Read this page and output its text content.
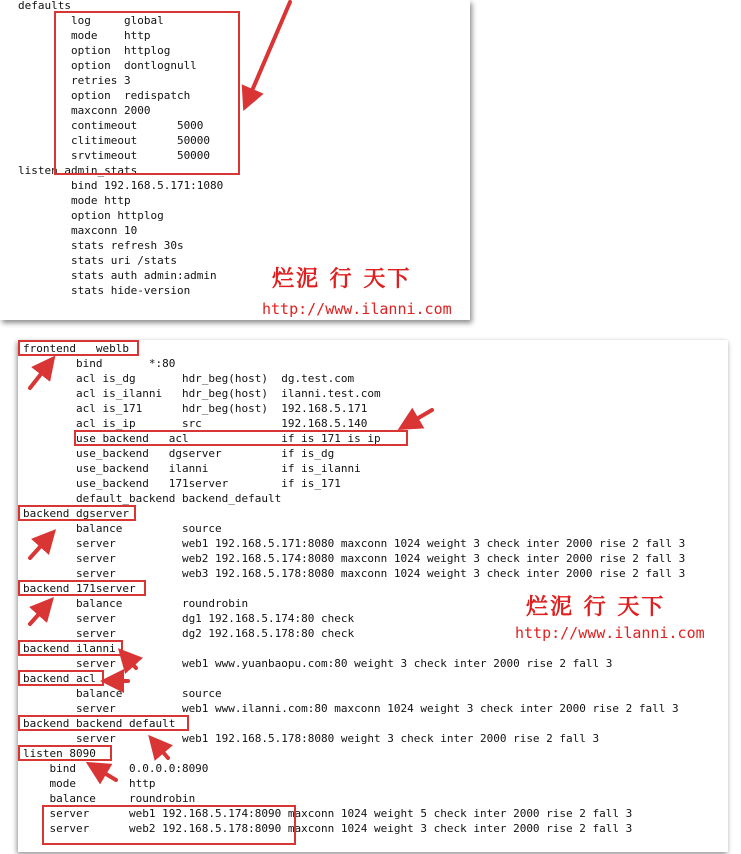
defaults
log     global
mode    http
option  httplog
option  dontlognull
retries 3
option  redispatch
maxconn 2000
contimeout      5000
clitimeout      50000
srvtimeout      50000
listen admin_stats
bind 192.168.5.171:1080
mode http
option httplog
maxconn 10
stats refresh 30s
stats uri /stats
stats auth admin:admin
stats hide-version	烂泥 行 天下
http://www.ilanni.com
frontend   weblb
bind       *:80
acl is_dg       hdr_beg(host)  dg.test.com
acl is_ilanni   hdr_beg(host)  ilanni.test.com
acl is_171      hdr_beg(host)  192.168.5.171
acl is_ip       src            192.168.5.140
use_backend   acl              if is_171 is_ip
use_backend   dgserver         if is_dg
use_backend   ilanni           if is_ilanni
use_backend   171server        if is_171
default_backend backend_default
backend dgserver
balance         source
server          web1 192.168.5.171:8080 maxconn 1024 weight 3 check inter 2000 rise 2 fall 3
server          web2 192.168.5.174:8080 maxconn 1024 weight 3 check inter 2000 rise 2 fall 3
server          web3 192.168.5.178:8080 maxconn 1024 weight 3 check inter 2000 rise 2 fall 3
backend 171server
balance         roundrobin
server          dg1 192.168.5.174:80 check
server          dg2 192.168.5.178:80 check
backend ilanni
server          web1 www.yuanbaopu.com:80 weight 3 check inter 2000 rise 2 fall 3
backend acl
balance         source
server          web1 www.ilanni.com:80 maxconn 1024 weight 3 check inter 2000 rise 2 fall 3
backend backend_default
server          web1 192.168.5.178:8080 weight 3 check inter 2000 rise 2 fall 3
listen 8090
bind        0.0.0.0:8090
mode        http
balance     roundrobin
server      web1 192.168.5.174:8090 maxconn 1024 weight 5 check inter 2000 rise 2 fall 3
server      web2 192.168.5.178:8090 maxconn 1024 weight 3 check inter 2000 rise 2 fall 3
烂泥 行 天下
http://www.ilanni.com
